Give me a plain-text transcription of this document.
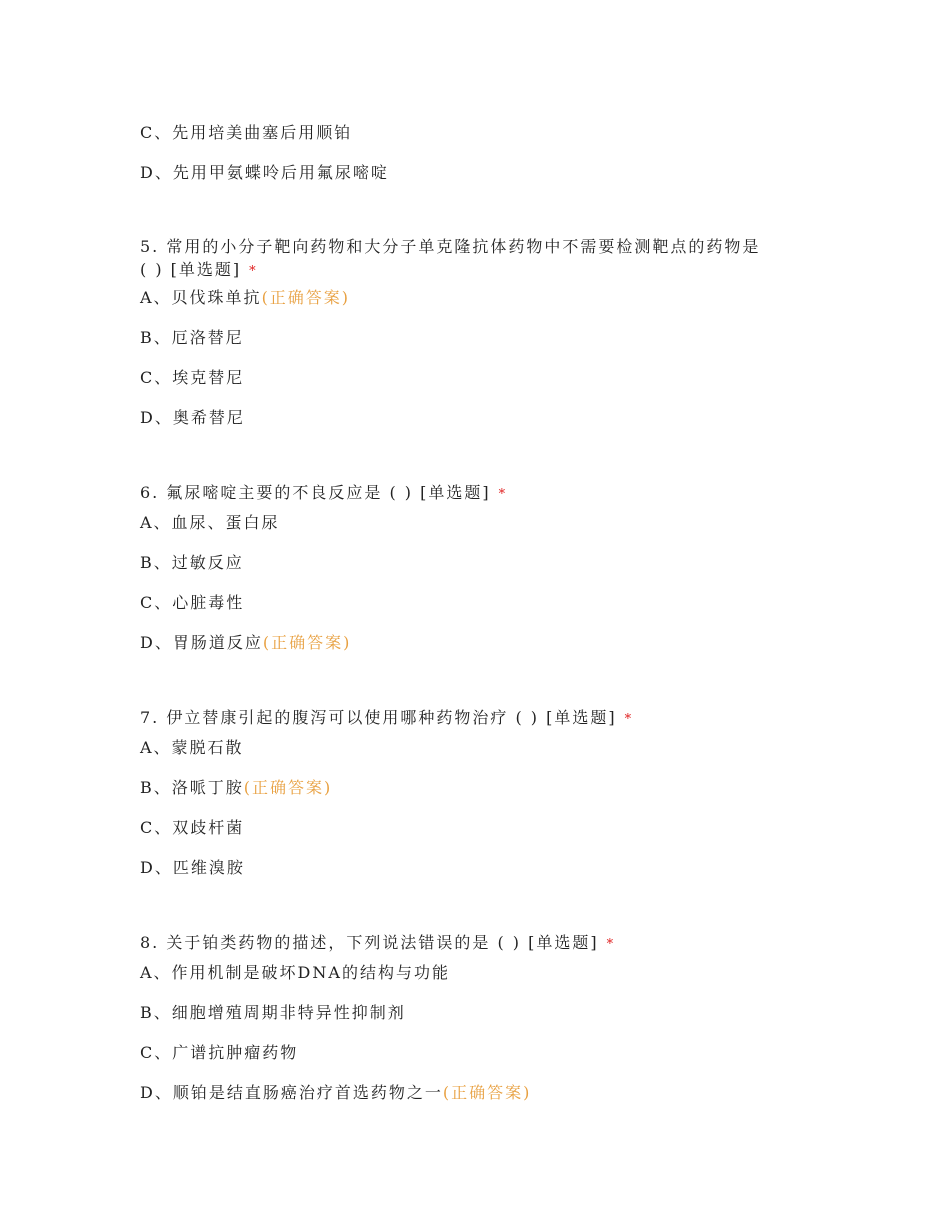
C、先用培美曲塞后用顺铂
D、先用甲氨蝶呤后用氟尿嘧啶
5. 常用的小分子靶向药物和大分子单克隆抗体药物中不需要检测靶点的药物是
( ) [单选题] *
A、贝伐珠单抗(正确答案)
B、厄洛替尼
C、埃克替尼
D、奥希替尼
6. 氟尿嘧啶主要的不良反应是 ( ) [单选题] *
A、血尿、蛋白尿
B、过敏反应
C、心脏毒性
D、胃肠道反应(正确答案)
7. 伊立替康引起的腹泻可以使用哪种药物治疗 ( ) [单选题] *
A、蒙脱石散
B、洛哌丁胺(正确答案)
C、双歧杆菌
D、匹维溴胺
8. 关于铂类药物的描述，下列说法错误的是 ( ) [单选题] *
A、作用机制是破坏DNA的结构与功能
B、细胞增殖周期非特异性抑制剂
C、广谱抗肿瘤药物
D、顺铂是结直肠癌治疗首选药物之一(正确答案)
